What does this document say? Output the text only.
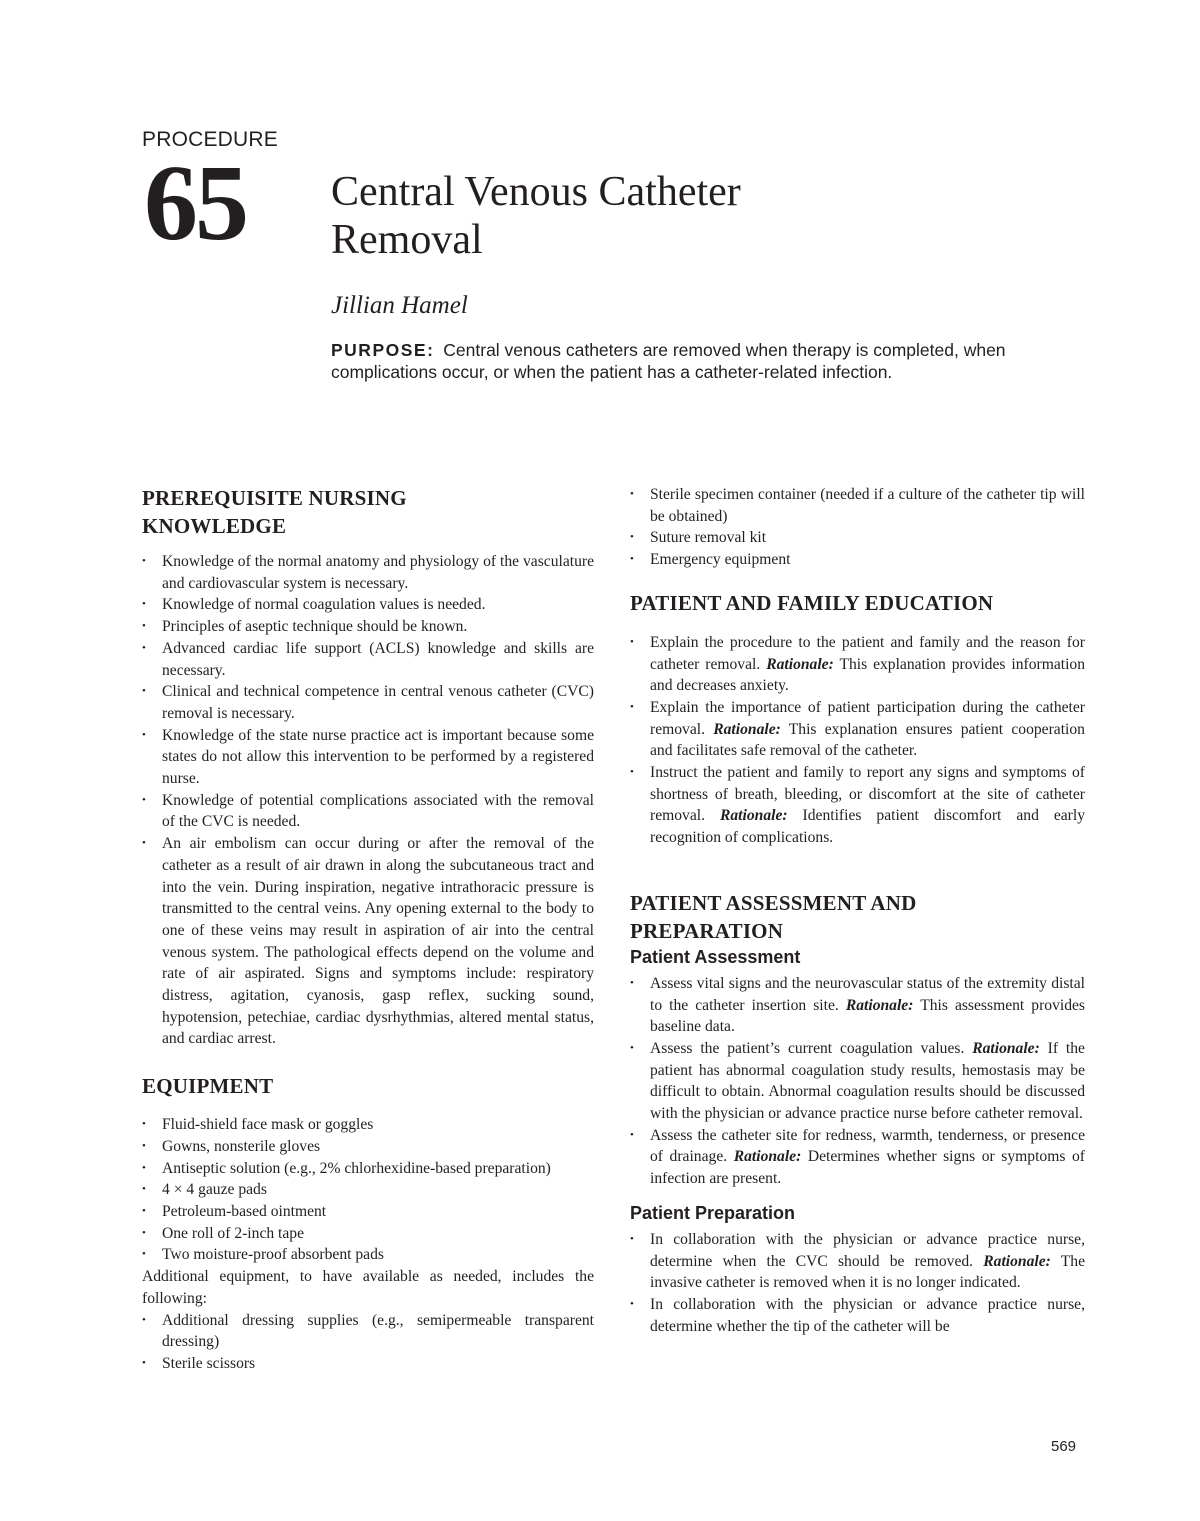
PROCEDURE
65 Central Venous Catheter
Removal
Jillian Hamel
PURPOSE: Central venous catheters are removed when therapy is completed, when complications occur, or when the patient has a catheter-related infection.
PREREQUISITE NURSING
KNOWLEDGE
• Knowledge of the normal anatomy and physiology of the vasculature and cardiovascular system is necessary.
• Knowledge of normal coagulation values is needed.
• Principles of aseptic technique should be known.
• Advanced cardiac life support (ACLS) knowledge and skills are necessary.
• Clinical and technical competence in central venous catheter (CVC) removal is necessary.
• Knowledge of the state nurse practice act is important because some states do not allow this intervention to be performed by a registered nurse.
• Knowledge of potential complications associated with the removal of the CVC is needed.
• An air embolism can occur during or after the removal of the catheter as a result of air drawn in along the subcutaneous tract and into the vein. During inspiration, negative intrathoracic pressure is transmitted to the central veins. Any opening external to the body to one of these veins may result in aspiration of air into the central venous system. The pathological effects depend on the volume and rate of air aspirated. Signs and symptoms include: respiratory distress, agitation, cyanosis, gasp reflex, sucking sound, hypotension, petechiae, cardiac dysrhythmias, altered mental status, and cardiac arrest.
EQUIPMENT
• Fluid-shield face mask or goggles
• Gowns, nonsterile gloves
• Antiseptic solution (e.g., 2% chlorhexidine-based preparation)
• 4 × 4 gauze pads
• Petroleum-based ointment
• One roll of 2-inch tape
• Two moisture-proof absorbent pads

Additional equipment, to have available as needed, includes the following:

• Additional dressing supplies (e.g., semipermeable transparent dressing)
• Sterile scissors
• Sterile specimen container (needed if a culture of the catheter tip will be obtained)
• Suture removal kit
• Emergency equipment
PATIENT AND FAMILY EDUCATION
• Explain the procedure to the patient and family and the reason for catheter removal. Rationale: This explanation provides information and decreases anxiety.
• Explain the importance of patient participation during the catheter removal. Rationale: This explanation ensures patient cooperation and facilitates safe removal of the catheter.
• Instruct the patient and family to report any signs and symptoms of shortness of breath, bleeding, or discomfort at the site of catheter removal. Rationale: Identifies patient discomfort and early recognition of complications.
PATIENT ASSESSMENT AND
PREPARATION
Patient Assessment
• Assess vital signs and the neurovascular status of the extremity distal to the catheter insertion site. Rationale: This assessment provides baseline data.
• Assess the patient’s current coagulation values. Rationale: If the patient has abnormal coagulation study results, hemostasis may be difficult to obtain. Abnormal coagulation results should be discussed with the physician or advance practice nurse before catheter removal.
• Assess the catheter site for redness, warmth, tenderness, or presence of drainage. Rationale: Determines whether signs or symptoms of infection are present.
Patient Preparation
• In collaboration with the physician or advance practice nurse, determine when the CVC should be removed. Rationale: The invasive catheter is removed when it is no longer indicated.
• In collaboration with the physician or advance practice nurse, determine whether the tip of the catheter will be
569
